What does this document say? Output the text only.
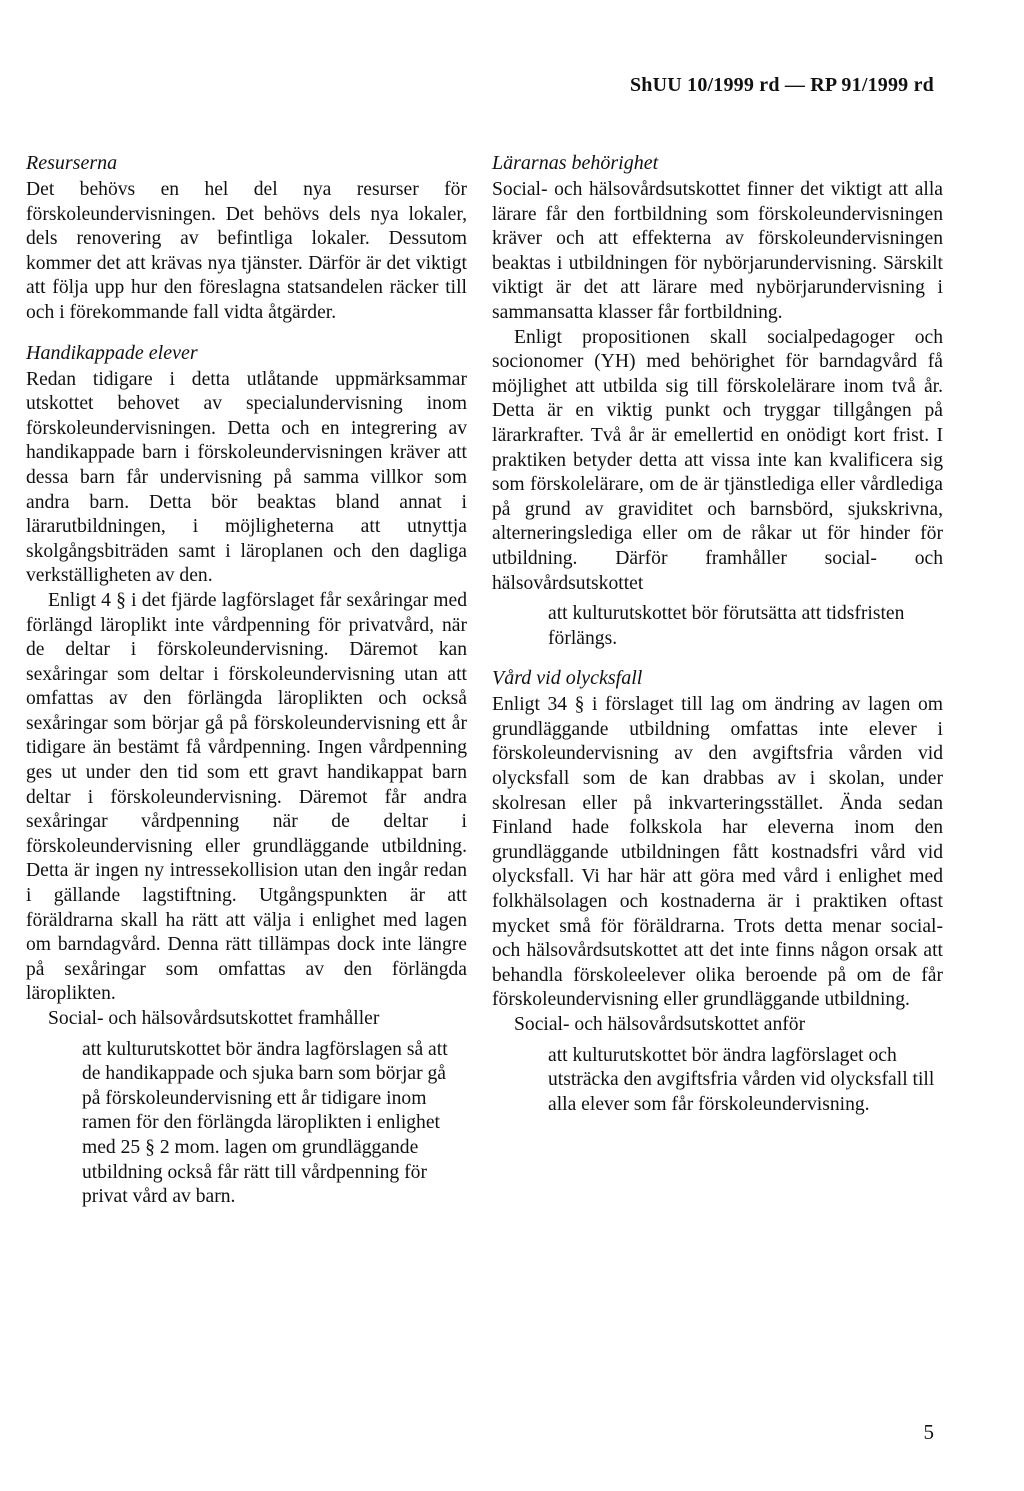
ShUU 10/1999 rd — RP 91/1999 rd
Resurserna

Det behövs en hel del nya resurser för förskoleundervisningen. Det behövs dels nya lokaler, dels renovering av befintliga lokaler. Dessutom kommer det att krävas nya tjänster. Därför är det viktigt att följa upp hur den föreslagna statsandelen räcker till och i förekommande fall vidta åtgärder.

Handikappade elever

Redan tidigare i detta utlåtande uppmärksammar utskottet behovet av specialundervisning inom förskoleundervisningen. Detta och en integrering av handikappade barn i förskoleundervisningen kräver att dessa barn får undervisning på samma villkor som andra barn. Detta bör beaktas bland annat i lärarutbildningen, i möjligheterna att utnyttja skolgångsbiträden samt i läroplanen och den dagliga verkställigheten av den.

Enligt 4 § i det fjärde lagförslaget får sexåringar med förlängd läroplikt inte vårdpenning för privatvård, när de deltar i förskoleundervisning. Däremot kan sexåringar som deltar i förskoleundervisning utan att omfattas av den förlängda läroplikten och också sexåringar som börjar gå på förskoleundervisning ett år tidigare än bestämt få vårdpenning. Ingen vårdpenning ges ut under den tid som ett gravt handikappat barn deltar i förskoleundervisning. Däremot får andra sexåringar vårdpenning när de deltar i förskoleundervisning eller grundläggande utbildning. Detta är ingen ny intressekollision utan den ingår redan i gällande lagstiftning. Utgångspunkten är att föräldrarna skall ha rätt att välja i enlighet med lagen om barndagvård. Denna rätt tillämpas dock inte längre på sexåringar som omfattas av den förlängda läroplikten.

Social- och hälsovårdsutskottet framhåller

att kulturutskottet bör ändra lagförslagen så att de handikappade och sjuka barn som börjar gå på förskoleundervisning ett år tidigare inom ramen för den förlängda läroplikten i enlighet med 25 § 2 mom. lagen om grundläggande utbildning också får rätt till vårdpenning för privat vård av barn.

Lärarnas behörighet

Social- och hälsovårdsutskottet finner det viktigt att alla lärare får den fortbildning som förskoleundervisningen kräver och att effekterna av förskoleundervisningen beaktas i utbildningen för nybörjarundervisning. Särskilt viktigt är det att lärare med nybörjarundervisning i sammansatta klasser får fortbildning.

Enligt propositionen skall socialpedagoger och socionomer (YH) med behörighet för barndagvård få möjlighet att utbilda sig till förskolelärare inom två år. Detta är en viktig punkt och tryggar tillgången på lärarkrafter. Två år är emellertid en onödigt kort frist. I praktiken betyder detta att vissa inte kan kvalificera sig som förskolelärare, om de är tjänstlediga eller vårdlediga på grund av graviditet och barnsbörd, sjukskrivna, alterneringslediga eller om de råkar ut för hinder för utbildning. Därför framhåller social- och hälsovårdsutskottet

att kulturutskottet bör förutsätta att tidsfristen förlängs.

Vård vid olycksfall

Enligt 34 § i förslaget till lag om ändring av lagen om grundläggande utbildning omfattas inte elever i förskoleundervisning av den avgiftsfria vården vid olycksfall som de kan drabbas av i skolan, under skolresan eller på inkvarteringsstället. Ända sedan Finland hade folkskola har eleverna inom den grundläggande utbildningen fått kostnadsfri vård vid olycksfall. Vi har här att göra med vård i enlighet med folkhälsolagen och kostnaderna är i praktiken oftast mycket små för föräldrarna. Trots detta menar social- och hälsovårdsutskottet att det inte finns någon orsak att behandla förskoleelever olika beroende på om de får förskoleundervisning eller grundläggande utbildning.

Social- och hälsovårdsutskottet anför

att kulturutskottet bör ändra lagförslaget och utsträcka den avgiftsfria vården vid olycksfall till alla elever som får förskoleundervisning.

5
